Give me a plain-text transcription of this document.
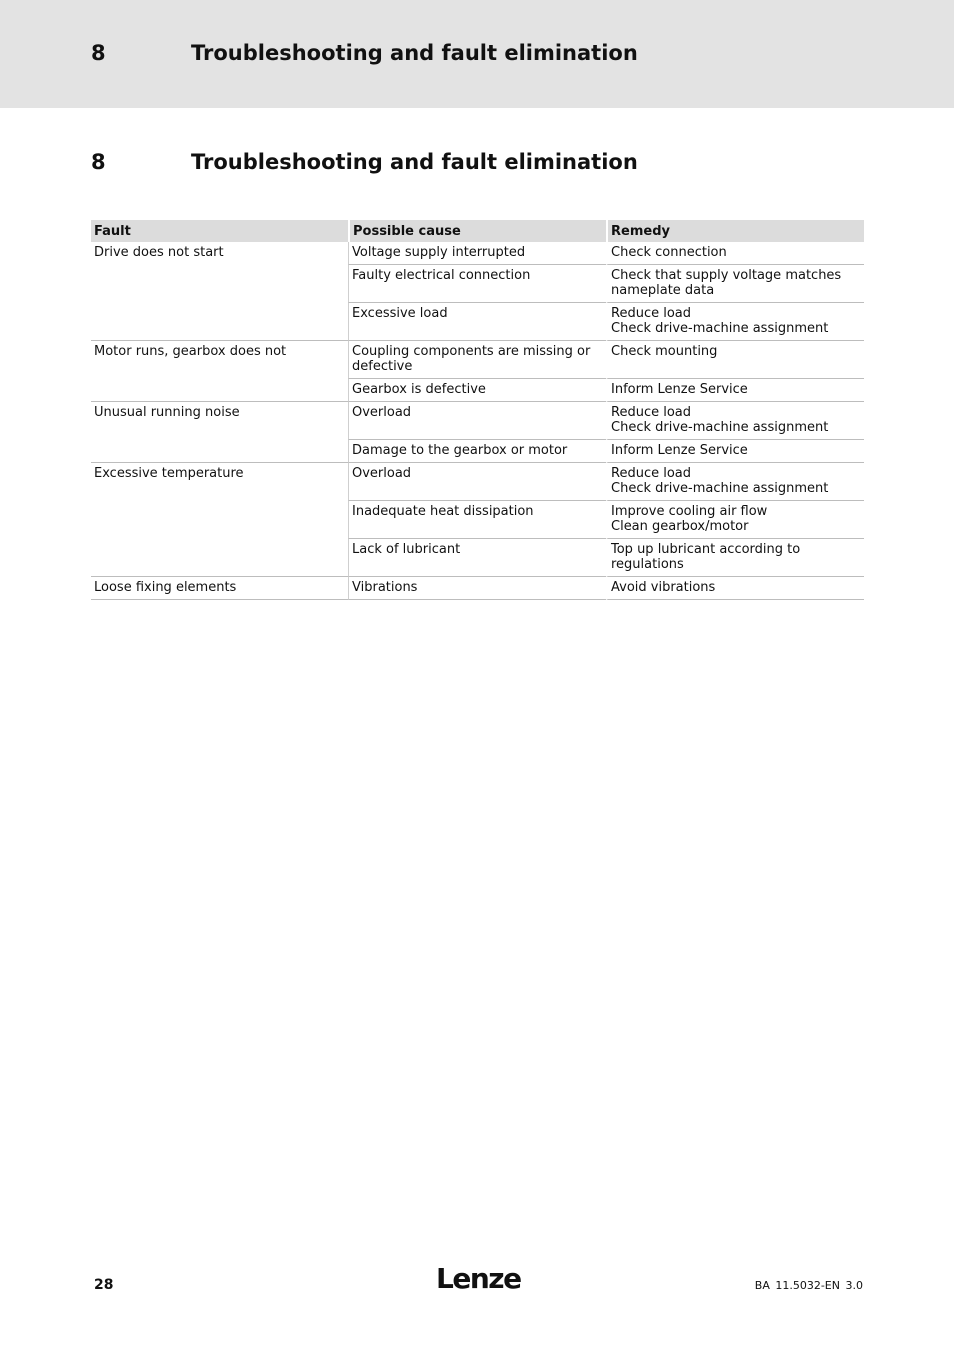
8	Troubleshooting and fault elimination
8	Troubleshooting and fault elimination
Fault	Possible cause	Remedy
Drive does not start	Voltage supply interrupted	Check connection

	Faulty electrical connection	Check that supply voltage matches nameplate data

	Excessive load	Reduce load
Check drive-machine assignment

Motor runs, gearbox does not	Coupling components are missing or defective	Check mounting

	Gearbox is defective	Inform Lenze Service

Unusual running noise	Overload	Reduce load
Check drive-machine assignment

	Damage to the gearbox or motor	Inform Lenze Service

Excessive temperature	Overload	Reduce load
Check drive-machine assignment

	Inadequate heat dissipation	Improve cooling air flow
Clean gearbox/motor

	Lack of lubricant	Top up lubricant according to regulations

Loose fixing elements	Vibrations	Avoid vibrations
28	Lenze	BA 11.5032-EN 3.0
